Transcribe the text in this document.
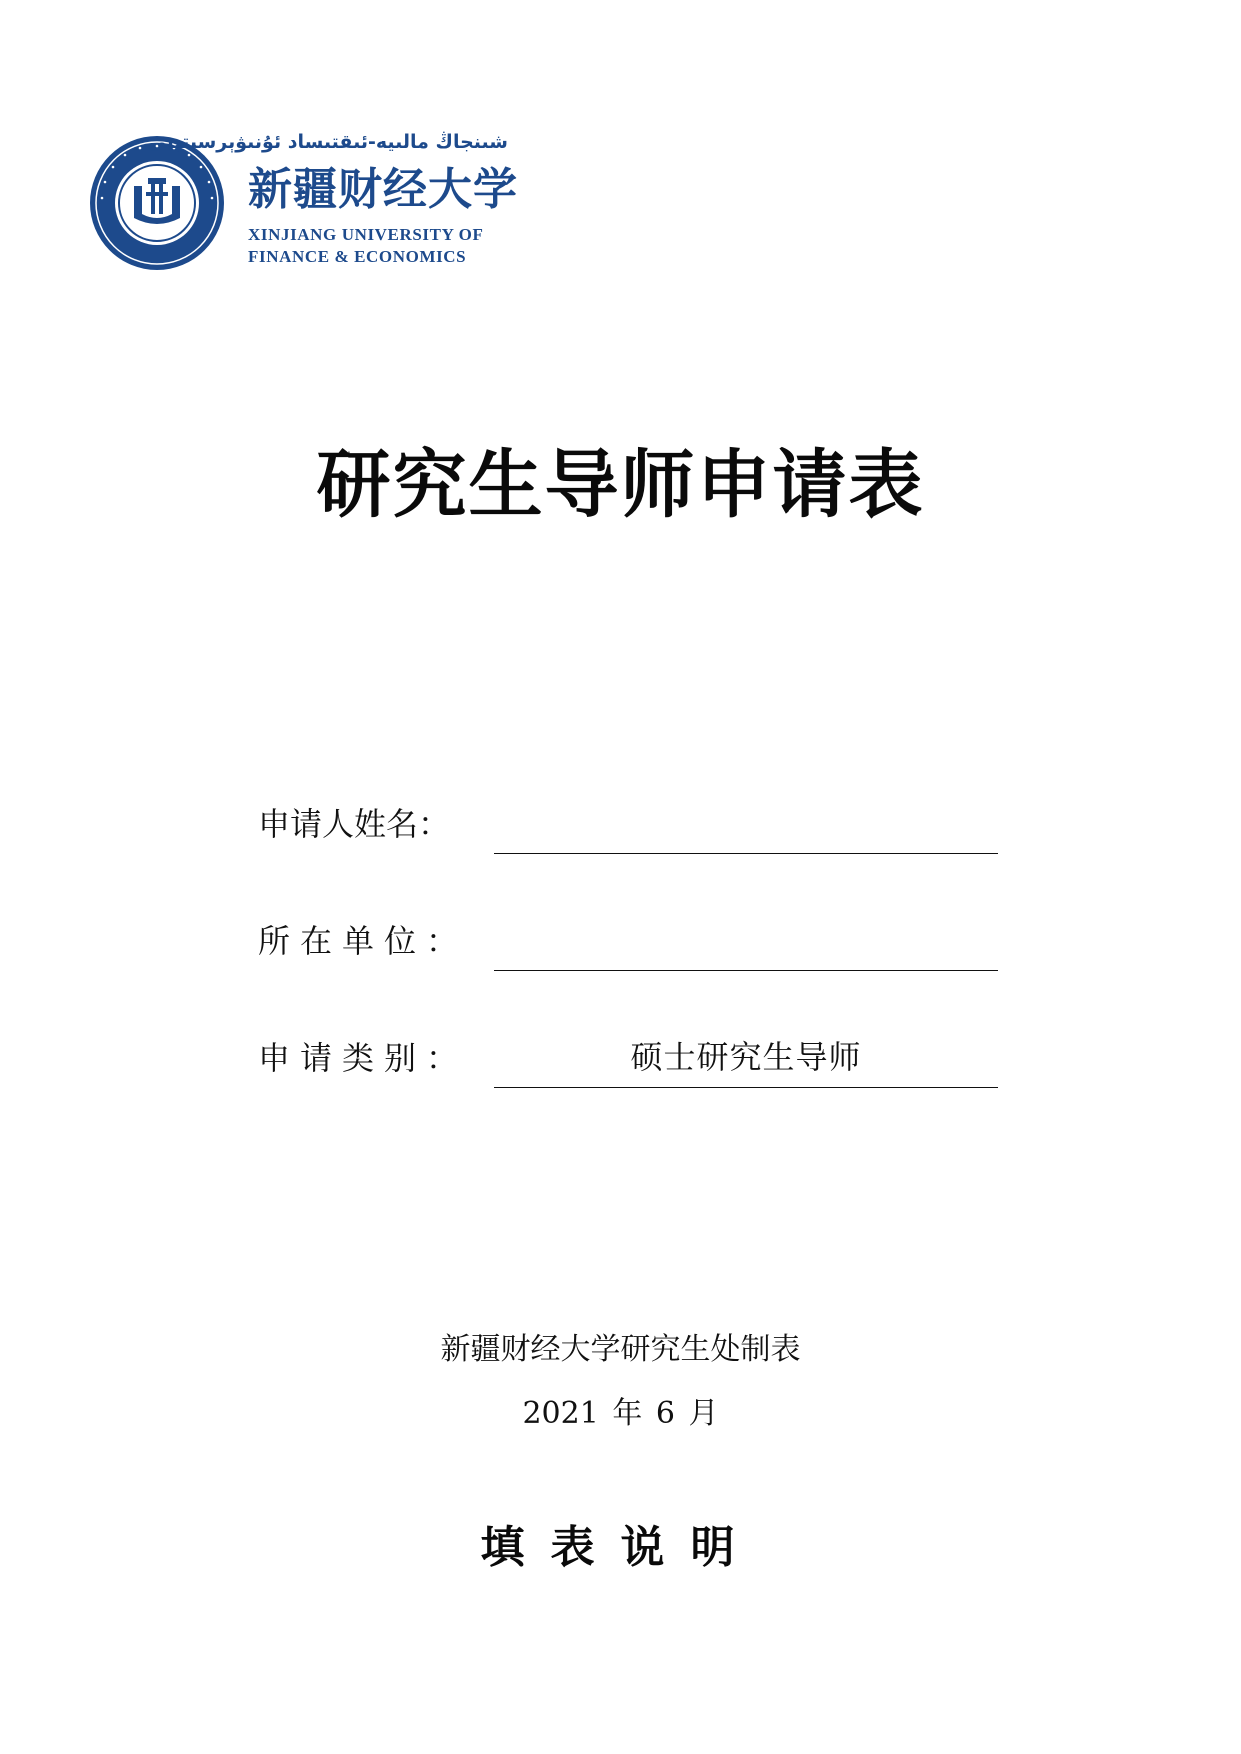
شىنجاڭ مالىيە-ئىقتىساد ئۇنىۋېرسىتېتى
新疆财经大学
XINJIANG UNIVERSITY OF
FINANCE & ECONOMICS
研究生导师申请表
申请人姓名：
所在单位：
申请类别：	硕士研究生导师
新疆财经大学研究生处制表
2021 年 6 月
填表说明
